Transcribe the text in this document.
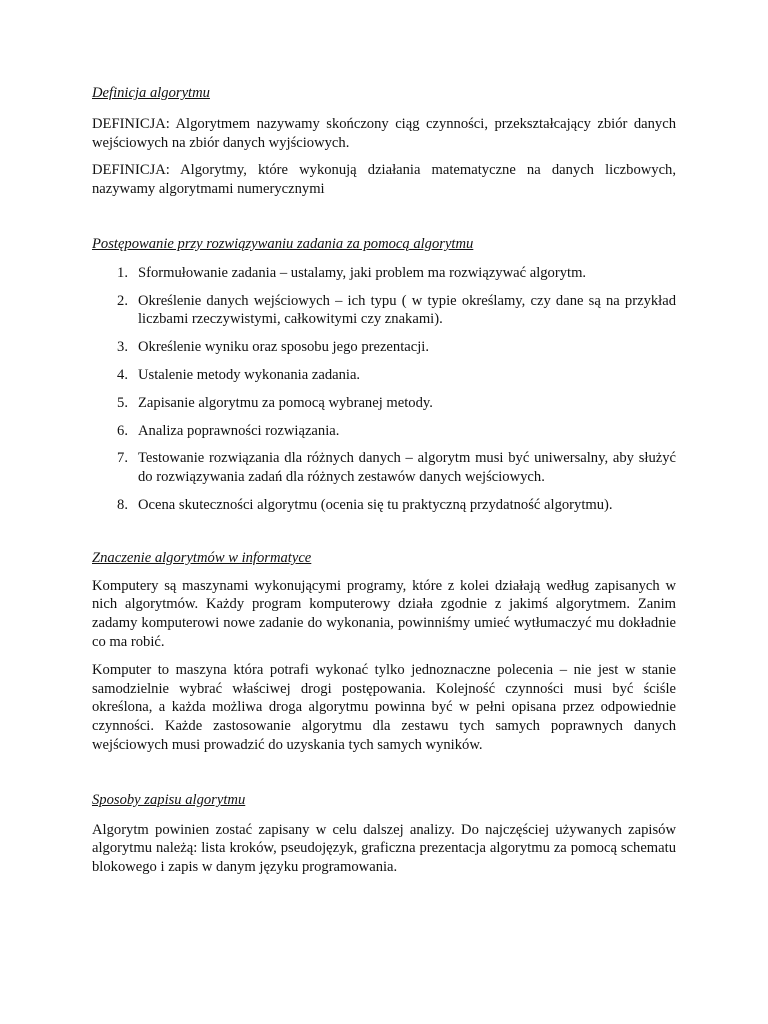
Definicja algorytmu

DEFINICJA: Algorytmem nazywamy skończony ciąg czynności, przekształcający zbiór danych wejściowych na zbiór danych wyjściowych.

DEFINICJA: Algorytmy, które wykonują działania matematyczne na danych liczbowych, nazywamy algorytmami numerycznymi

Postępowanie przy rozwiązywaniu zadania za pomocą algorytmu

1. Sformułowanie zadania – ustalamy, jaki problem ma rozwiązywać algorytm.
2. Określenie danych wejściowych – ich typu ( w typie określamy, czy dane są na przykład liczbami rzeczywistymi, całkowitymi czy znakami).
3. Określenie wyniku oraz sposobu jego prezentacji.
4. Ustalenie metody wykonania zadania.
5. Zapisanie algorytmu za pomocą wybranej metody.
6. Analiza poprawności rozwiązania.
7. Testowanie rozwiązania dla różnych danych – algorytm musi być uniwersalny, aby służyć do rozwiązywania zadań dla różnych zestawów danych wejściowych.
8. Ocena skuteczności algorytmu (ocenia się tu praktyczną przydatność algorytmu).

Znaczenie algorytmów w informatyce

Komputery są maszynami wykonującymi programy, które z kolei działają według zapisanych w nich algorytmów. Każdy program komputerowy działa zgodnie z jakimś algorytmem. Zanim zadamy komputerowi nowe zadanie do wykonania, powinniśmy umieć wytłumaczyć mu dokładnie co ma robić.

Komputer to maszyna która potrafi wykonać tylko jednoznaczne polecenia – nie jest w stanie samodzielnie wybrać właściwej drogi postępowania. Kolejność czynności musi być ściśle określona, a każda możliwa droga algorytmu powinna być w pełni opisana przez odpowiednie czynności. Każde zastosowanie algorytmu dla zestawu tych samych poprawnych danych wejściowych musi prowadzić do uzyskania tych samych wyników.

Sposoby zapisu algorytmu

Algorytm powinien zostać zapisany w celu dalszej analizy. Do najczęściej używanych zapisów algorytmu należą: lista kroków, pseudojęzyk, graficzna prezentacja algorytmu za pomocą schematu blokowego i zapis w danym języku programowania.
